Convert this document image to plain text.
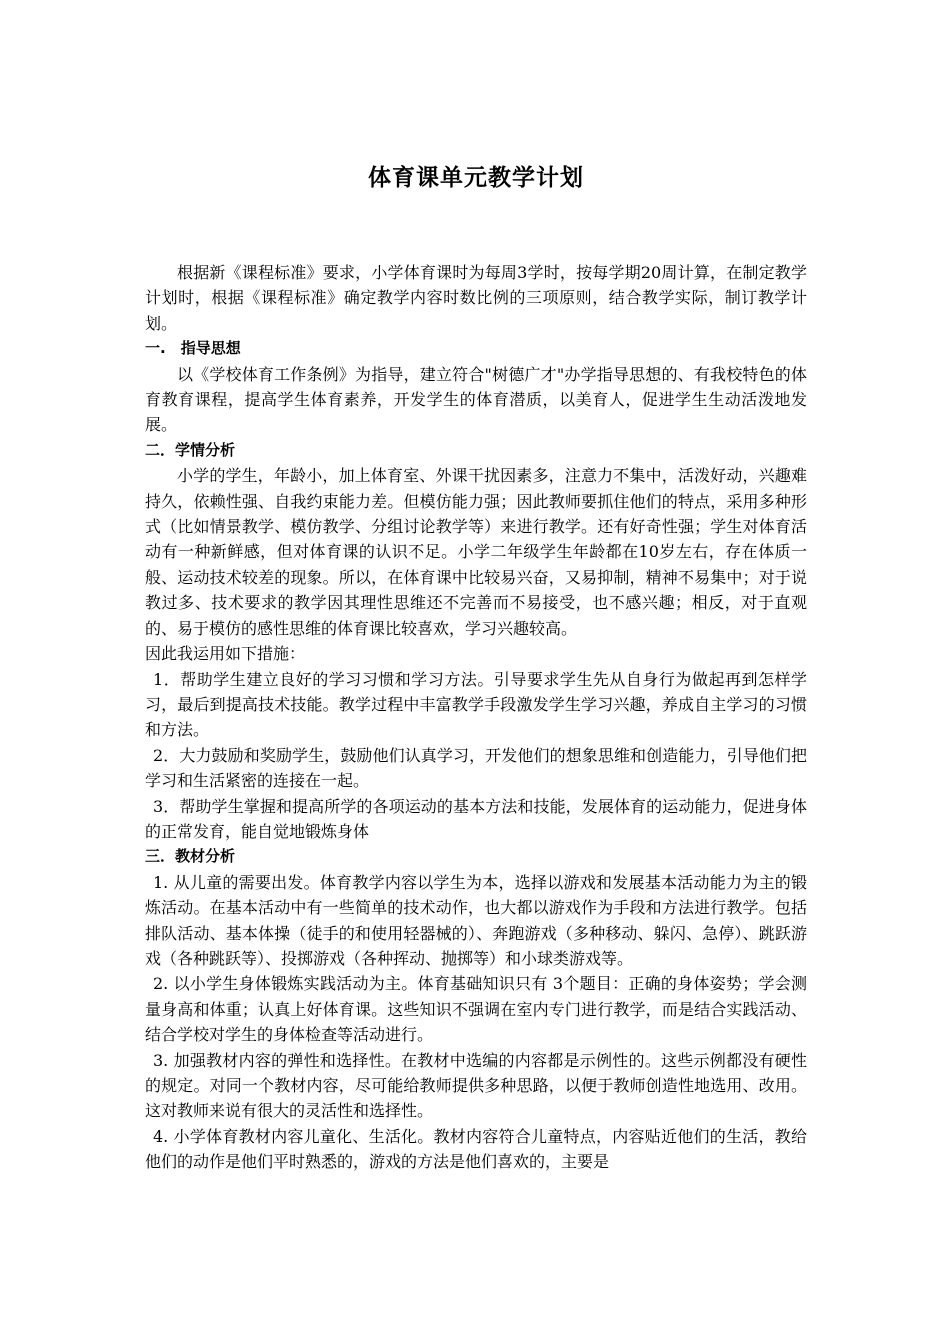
体育课单元教学计划

根据新《课程标准》要求，小学体育课时为每周3学时，按每学期20周计算，在制定教学计划时，根据《课程标准》确定教学内容时数比例的三项原则，结合教学实际，制订教学计划。

一.　指导思想

以《学校体育工作条例》为指导，建立符合"树德广才"办学指导思想的、有我校特色的体育教育课程，提高学生体育素养，开发学生的体育潜质，以美育人，促进学生生动活泼地发展。

二．学情分析

小学的学生，年龄小，加上体育室、外课干扰因素多，注意力不集中，活泼好动，兴趣难持久，依赖性强、自我约束能力差。但模仿能力强；因此教师要抓住他们的特点，采用多种形式（比如情景教学、模仿教学、分组讨论教学等）来进行教学。还有好奇性强；学生对体育活动有一种新鲜感，但对体育课的认识不足。小学二年级学生年龄都在10岁左右，存在体质一般、运动技术较差的现象。所以，在体育课中比较易兴奋，又易抑制，精神不易集中；对于说教过多、技术要求的教学因其理性思维还不完善而不易接受，也不感兴趣；相反，对于直观的、易于模仿的感性思维的体育课比较喜欢，学习兴趣较高。

因此我运用如下措施：

1．帮助学生建立良好的学习习惯和学习方法。引导要求学生先从自身行为做起再到怎样学习，最后到提高技术技能。教学过程中丰富教学手段激发学生学习兴趣，养成自主学习的习惯和方法。

2．大力鼓励和奖励学生，鼓励他们认真学习，开发他们的想象思维和创造能力，引导他们把学习和生活紧密的连接在一起。

3．帮助学生掌握和提高所学的各项运动的基本方法和技能，发展体育的运动能力，促进身体的正常发育，能自觉地锻炼身体

三．教材分析

1. 从儿童的需要出发。体育教学内容以学生为本，选择以游戏和发展基本活动能力为主的锻炼活动。在基本活动中有一些简单的技术动作，也大都以游戏作为手段和方法进行教学。包括排队活动、基本体操（徒手的和使用轻器械的）、奔跑游戏（多种移动、躲闪、急停）、跳跃游戏（各种跳跃等）、投掷游戏（各种挥动、抛掷等）和小球类游戏等。

2. 以小学生身体锻炼实践活动为主。体育基础知识只有 3个题目：正确的身体姿势；学会测量身高和体重；认真上好体育课。这些知识不强调在室内专门进行教学，而是结合实践活动、结合学校对学生的身体检查等活动进行。

3. 加强教材内容的弹性和选择性。在教材中选编的内容都是示例性的。这些示例都没有硬性的规定。对同一个教材内容，尽可能给教师提供多种思路，以便于教师创造性地选用、改用。这对教师来说有很大的灵活性和选择性。

4. 小学体育教材内容儿童化、生活化。教材内容符合儿童特点，内容贴近他们的生活，教给他们的动作是他们平时熟悉的，游戏的方法是他们喜欢的，主要是
